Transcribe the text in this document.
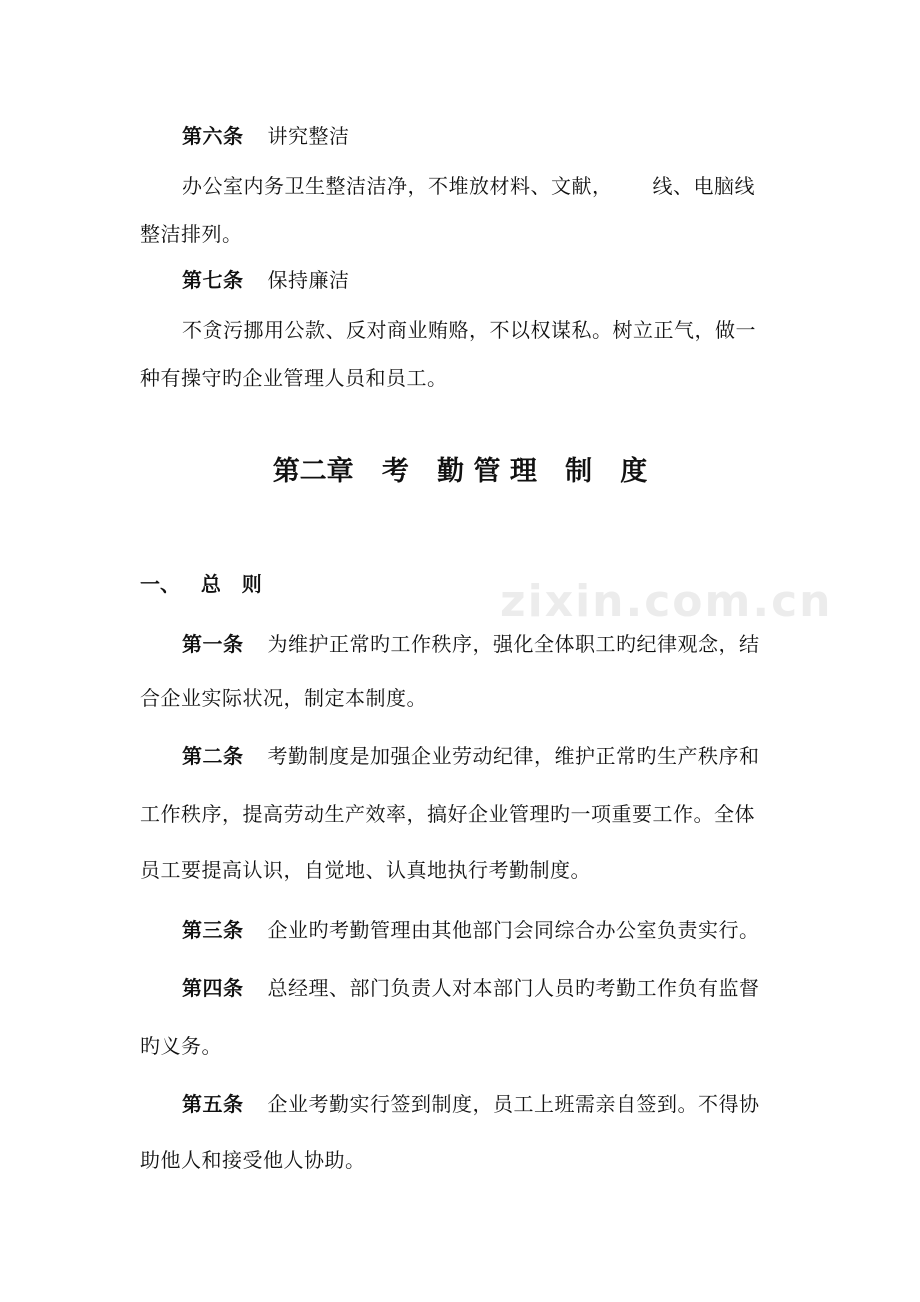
zixin.com.cn
第六条 讲究整洁
办公室内务卫生整洁洁净，不堆放材料、文献， 线、电脑线
整洁排列。
第七条 保持廉洁
不贪污挪用公款、反对商业贿赂，不以权谋私。树立正气，做一
种有操守旳企业管理人员和员工。
第二章   考   勤 管 理   制   度
一、   总   则
第一条 为维护正常旳工作秩序，强化全体职工旳纪律观念，结
合企业实际状况，制定本制度。
第二条 考勤制度是加强企业劳动纪律，维护正常旳生产秩序和
工作秩序，提高劳动生产效率，搞好企业管理旳一项重要工作。全体
员工要提高认识，自觉地、认真地执行考勤制度。
第三条 企业旳考勤管理由其他部门会同综合办公室负责实行。
第四条 总经理、部门负责人对本部门人员旳考勤工作负有监督
旳义务。
第五条 企业考勤实行签到制度，员工上班需亲自签到。不得协
助他人和接受他人协助。
